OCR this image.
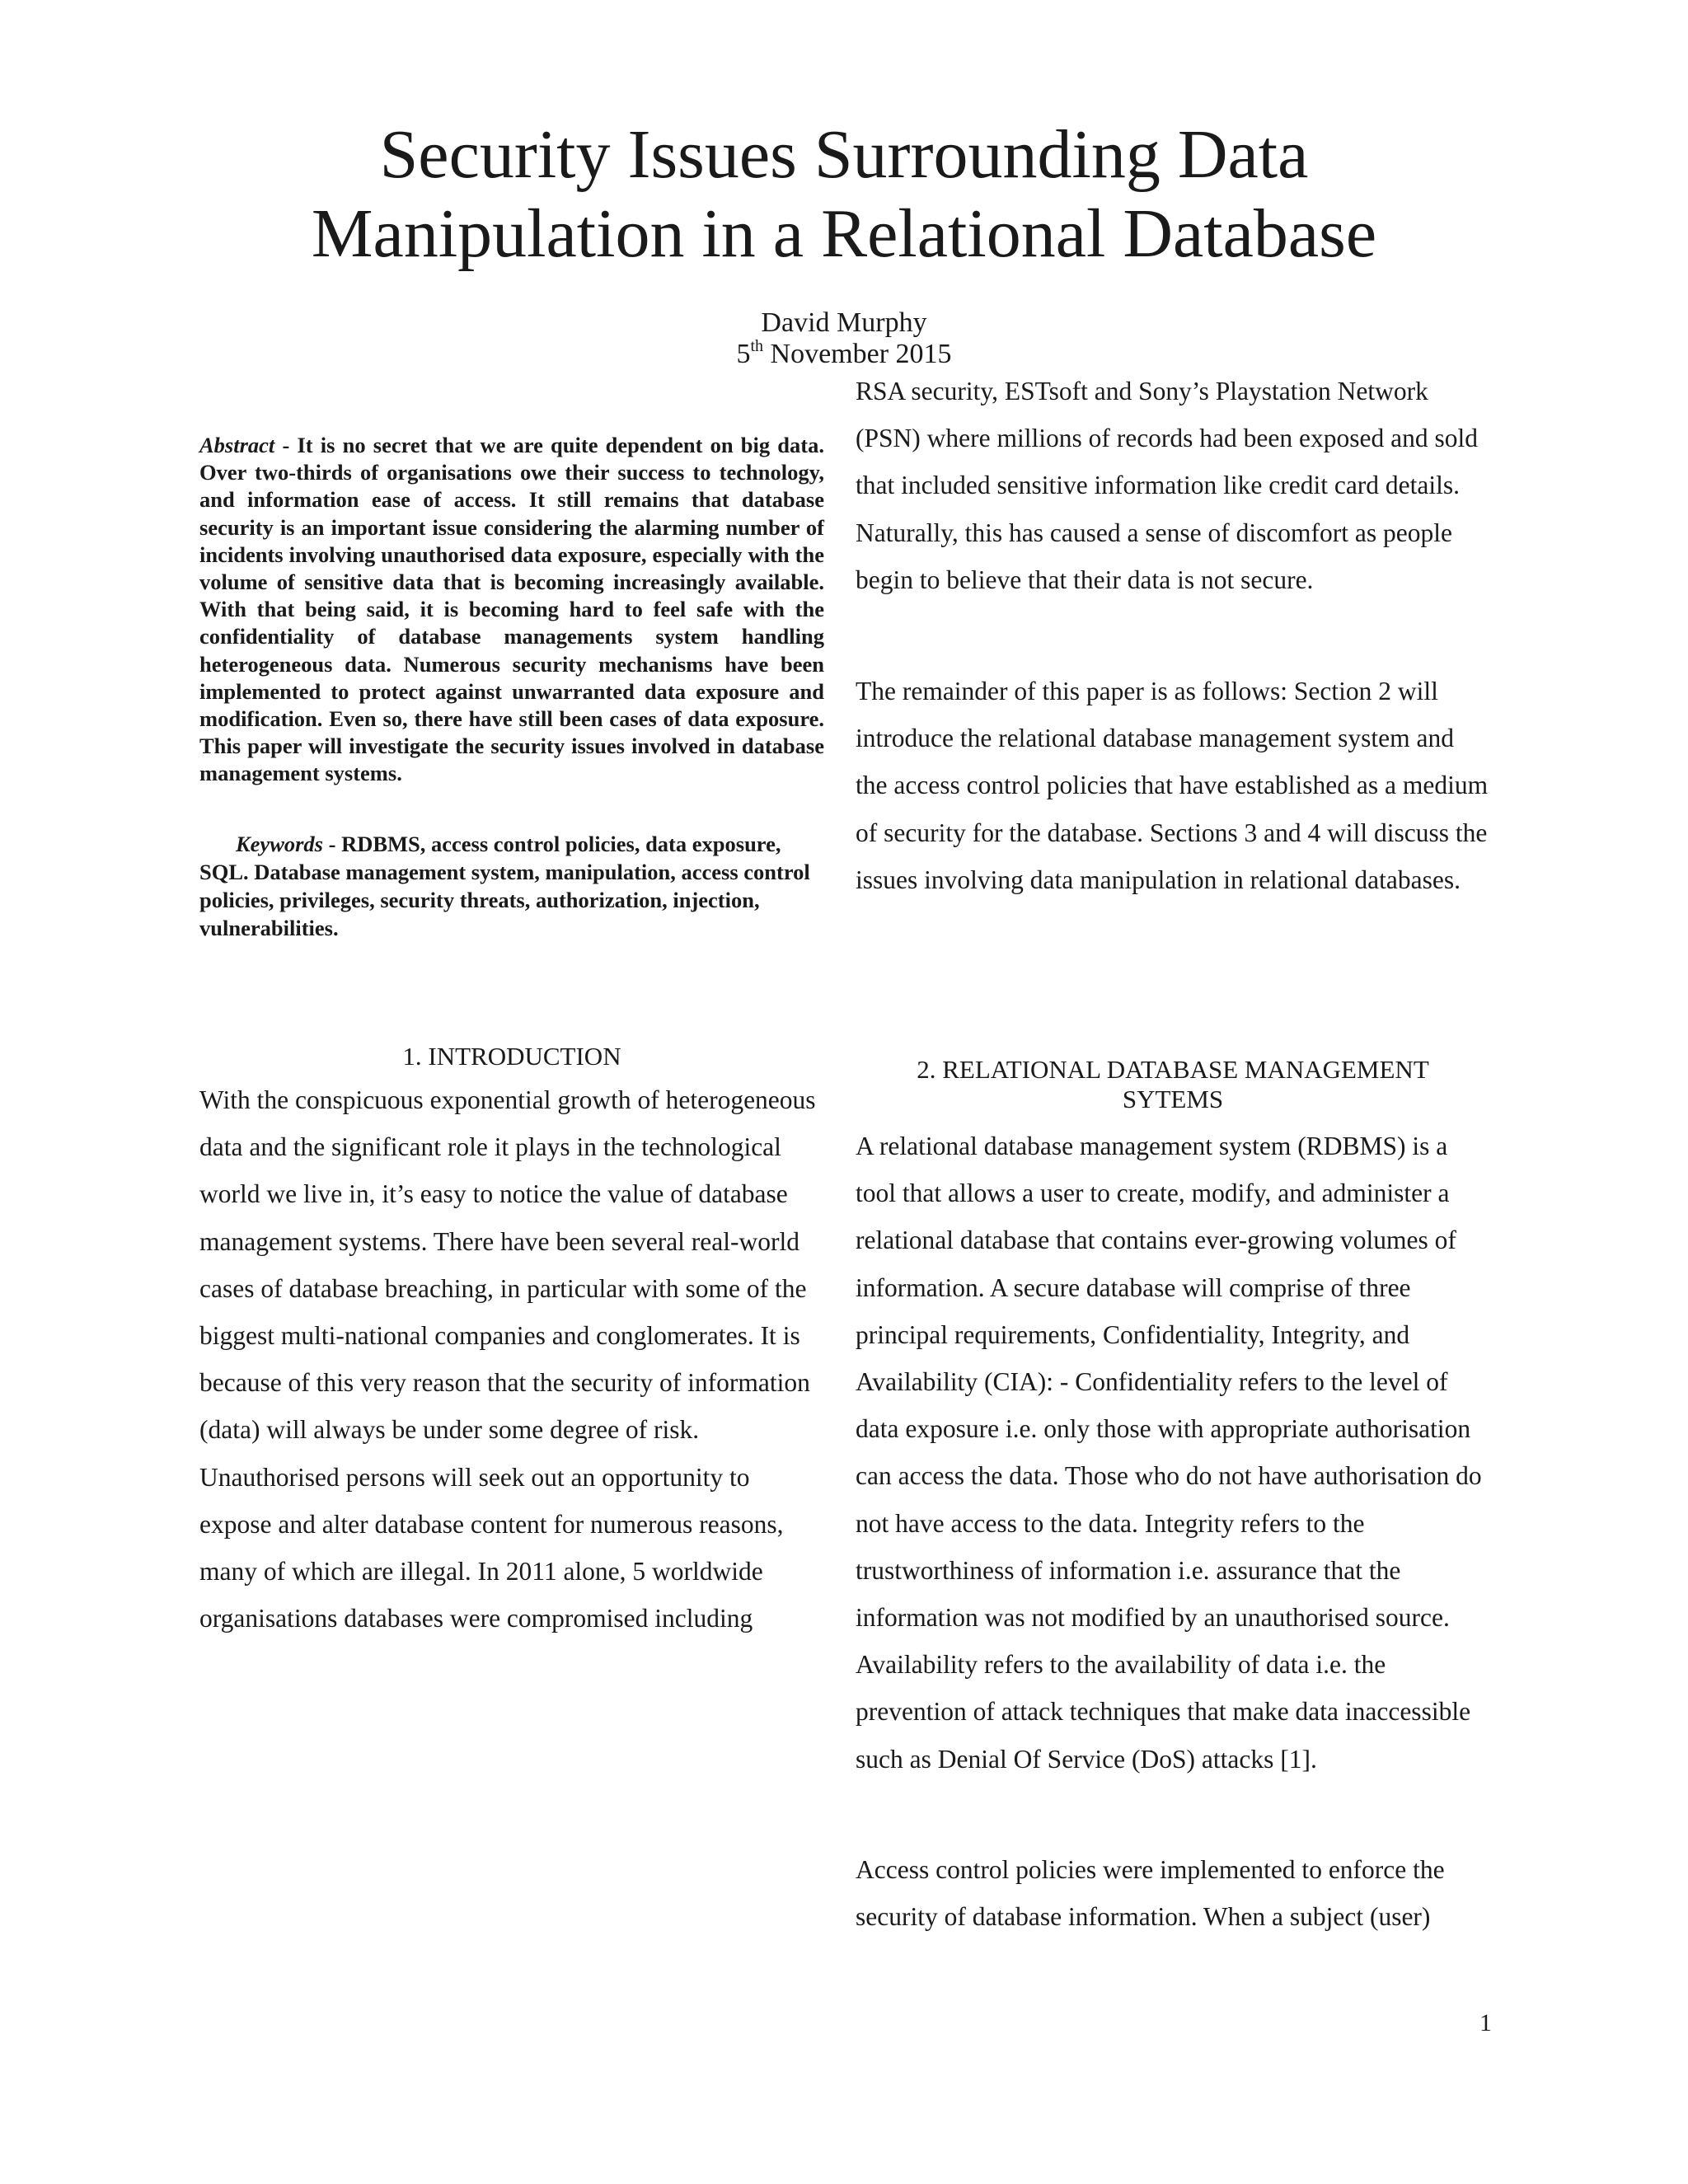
Security Issues Surrounding Data
Manipulation in a Relational Database
David Murphy
5th November 2015

Abstract - It is no secret that we are quite dependent on big data. Over two-thirds of organisations owe their success to technology, and information ease of access. It still remains that database security is an important issue considering the alarming number of incidents involving unauthorised data exposure, especially with the volume of sensitive data that is becoming increasingly available. With that being said, it is becoming hard to feel safe with the confidentiality of database managements system handling heterogeneous data. Numerous security mechanisms have been implemented to protect against unwarranted data exposure and modification. Even so, there have still been cases of data exposure. This paper will investigate the security issues involved in database management systems.

Keywords - RDBMS, access control policies, data exposure, SQL. Database management system, manipulation, access control policies, privileges, security threats, authorization, injection, vulnerabilities.

RSA security, ESTsoft and Sony’s Playstation Network (PSN) where millions of records had been exposed and sold that included sensitive information like credit card details. Naturally, this has caused a sense of discomfort as people begin to believe that their data is not secure.

The remainder of this paper is as follows: Section 2 will introduce the relational database management system and the access control policies that have established as a medium of security for the database. Sections 3 and 4 will discuss the issues involving data manipulation in relational databases.

1. INTRODUCTION

With the conspicuous exponential growth of heterogeneous data and the significant role it plays in the technological world we live in, it’s easy to notice the value of database management systems. There have been several real-world cases of database breaching, in particular with some of the biggest multi-national companies and conglomerates. It is because of this very reason that the security of information (data) will always be under some degree of risk. Unauthorised persons will seek out an opportunity to expose and alter database content for numerous reasons, many of which are illegal. In 2011 alone, 5 worldwide organisations databases were compromised including

2. RELATIONAL DATABASE MANAGEMENT
SYTEMS

A relational database management system (RDBMS) is a tool that allows a user to create, modify, and administer a relational database that contains ever-growing volumes of information. A secure database will comprise of three principal requirements, Confidentiality, Integrity, and Availability (CIA): - Confidentiality refers to the level of data exposure i.e. only those with appropriate authorisation can access the data. Those who do not have authorisation do not have access to the data. Integrity refers to the trustworthiness of information i.e. assurance that the information was not modified by an unauthorised source. Availability refers to the availability of data i.e. the prevention of attack techniques that make data inaccessible such as Denial Of Service (DoS) attacks [1].

Access control policies were implemented to enforce the security of database information. When a subject (user)

1
